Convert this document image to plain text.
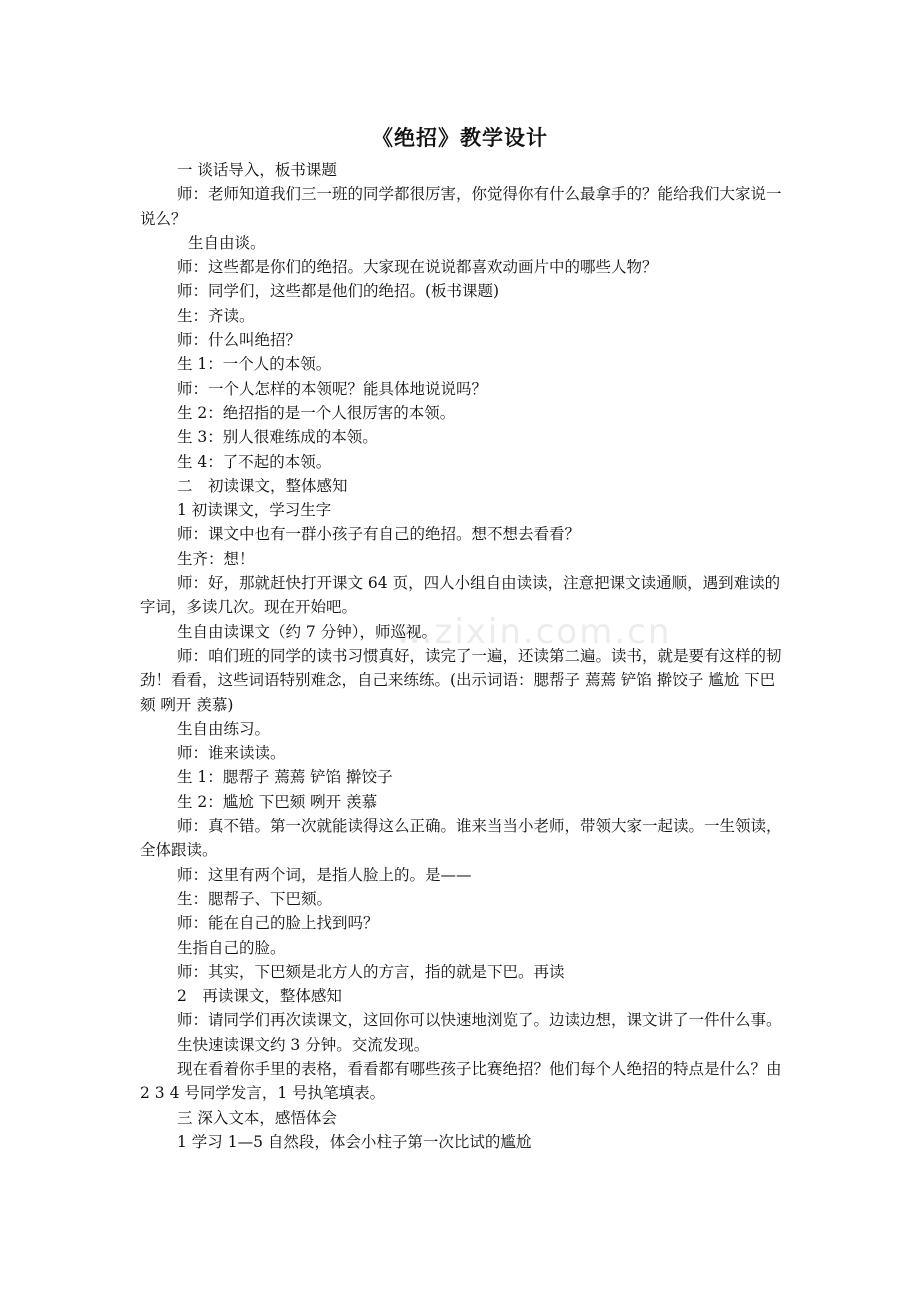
w.zixin.com.cn
《绝招》教学设计

一 谈话导入，板书课题

师：老师知道我们三一班的同学都很厉害，你觉得你有什么最拿手的？能给我们大家说一说么？

生自由谈。

师：这些都是你们的绝招。大家现在说说都喜欢动画片中的哪些人物？

师：同学们，这些都是他们的绝招。(板书课题)

生：齐读。

师：什么叫绝招？

生 1：一个人的本领。

师：一个人怎样的本领呢？能具体地说说吗？

生 2：绝招指的是一个人很厉害的本领。

生 3：别人很难练成的本领。

生 4：了不起的本领。

二　初读课文，整体感知

1 初读课文，学习生字

师：课文中也有一群小孩子有自己的绝招。想不想去看看？

生齐：想！

师：好，那就赶快打开课文 64 页，四人小组自由读读，注意把课文读通顺，遇到难读的字词，多读几次。现在开始吧。

生自由读课文（约 7 分钟），师巡视。

师：咱们班的同学的读书习惯真好，读完了一遍，还读第二遍。读书，就是要有这样的韧劲！看看，这些词语特别难念，自己来练练。(出示词语：腮帮子 蔫蔫 铲馅 擀饺子 尴尬 下巴颏 咧开 羡慕)

生自由练习。

师：谁来读读。

生 1：腮帮子 蔫蔫 铲馅 擀饺子

生 2：尴尬 下巴颏 咧开 羡慕

师：真不错。第一次就能读得这么正确。谁来当当小老师，带领大家一起读。一生领读，全体跟读。

师：这里有两个词，是指人脸上的。是——

生：腮帮子、下巴颏。

师：能在自己的脸上找到吗？

生指自己的脸。

师：其实，下巴颏是北方人的方言，指的就是下巴。再读

2　再读课文，整体感知

师：请同学们再次读课文，这回你可以快速地浏览了。边读边想，课文讲了一件什么事。

生快速读课文约 3 分钟。交流发现。

现在看着你手里的表格，看看都有哪些孩子比赛绝招？他们每个人绝招的特点是什么？由 2 3 4 号同学发言，1 号执笔填表。

三 深入文本，感悟体会

1 学习 1—5 自然段，体会小柱子第一次比试的尴尬
